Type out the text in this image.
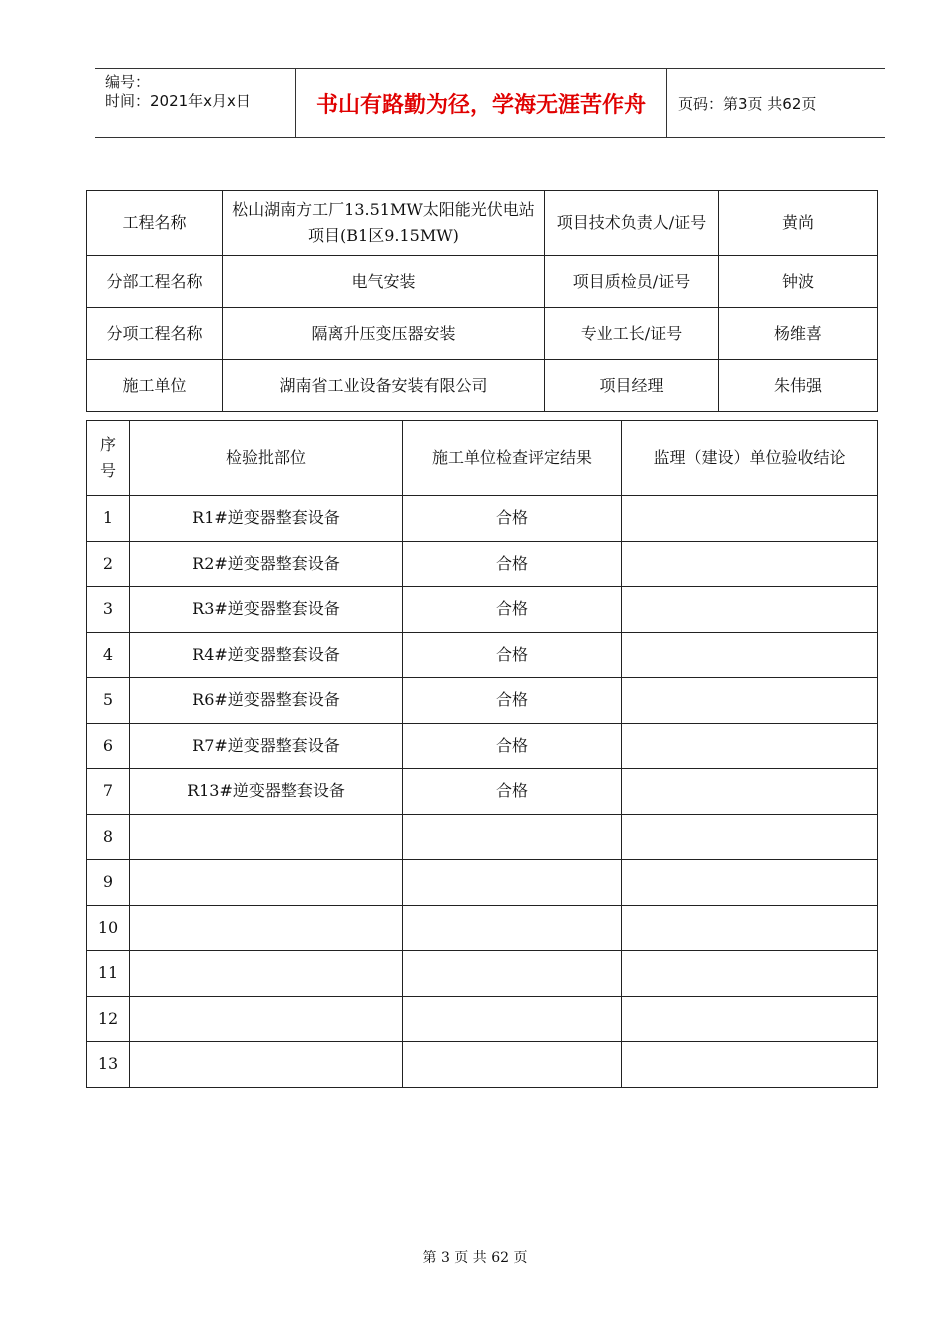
编号：
时间：2021年x月x日	书山有路勤为径，学海无涯苦作舟	页码：第3页 共62页
工程名称	松山湖南方工厂13.51MW太阳能光伏电站
项目(B1区9.15MW)	项目技术负责人/证号	黄尚
分部工程名称	电气安装	项目质检员/证号	钟波
分项工程名称	隔离升压变压器安装	专业工长/证号	杨维喜
施工单位	湖南省工业设备安装有限公司	项目经理	朱伟强
序
号	检验批部位	施工单位检查评定结果	监理（建设）单位验收结论
1	R1#逆变器整套设备	合格	
2	R2#逆变器整套设备	合格	
3	R3#逆变器整套设备	合格	
4	R4#逆变器整套设备	合格	
5	R6#逆变器整套设备	合格	
6	R7#逆变器整套设备	合格	
7	R13#逆变器整套设备	合格	
8			
9			
10			
11			
12			
13			
第 3 页 共 62 页
